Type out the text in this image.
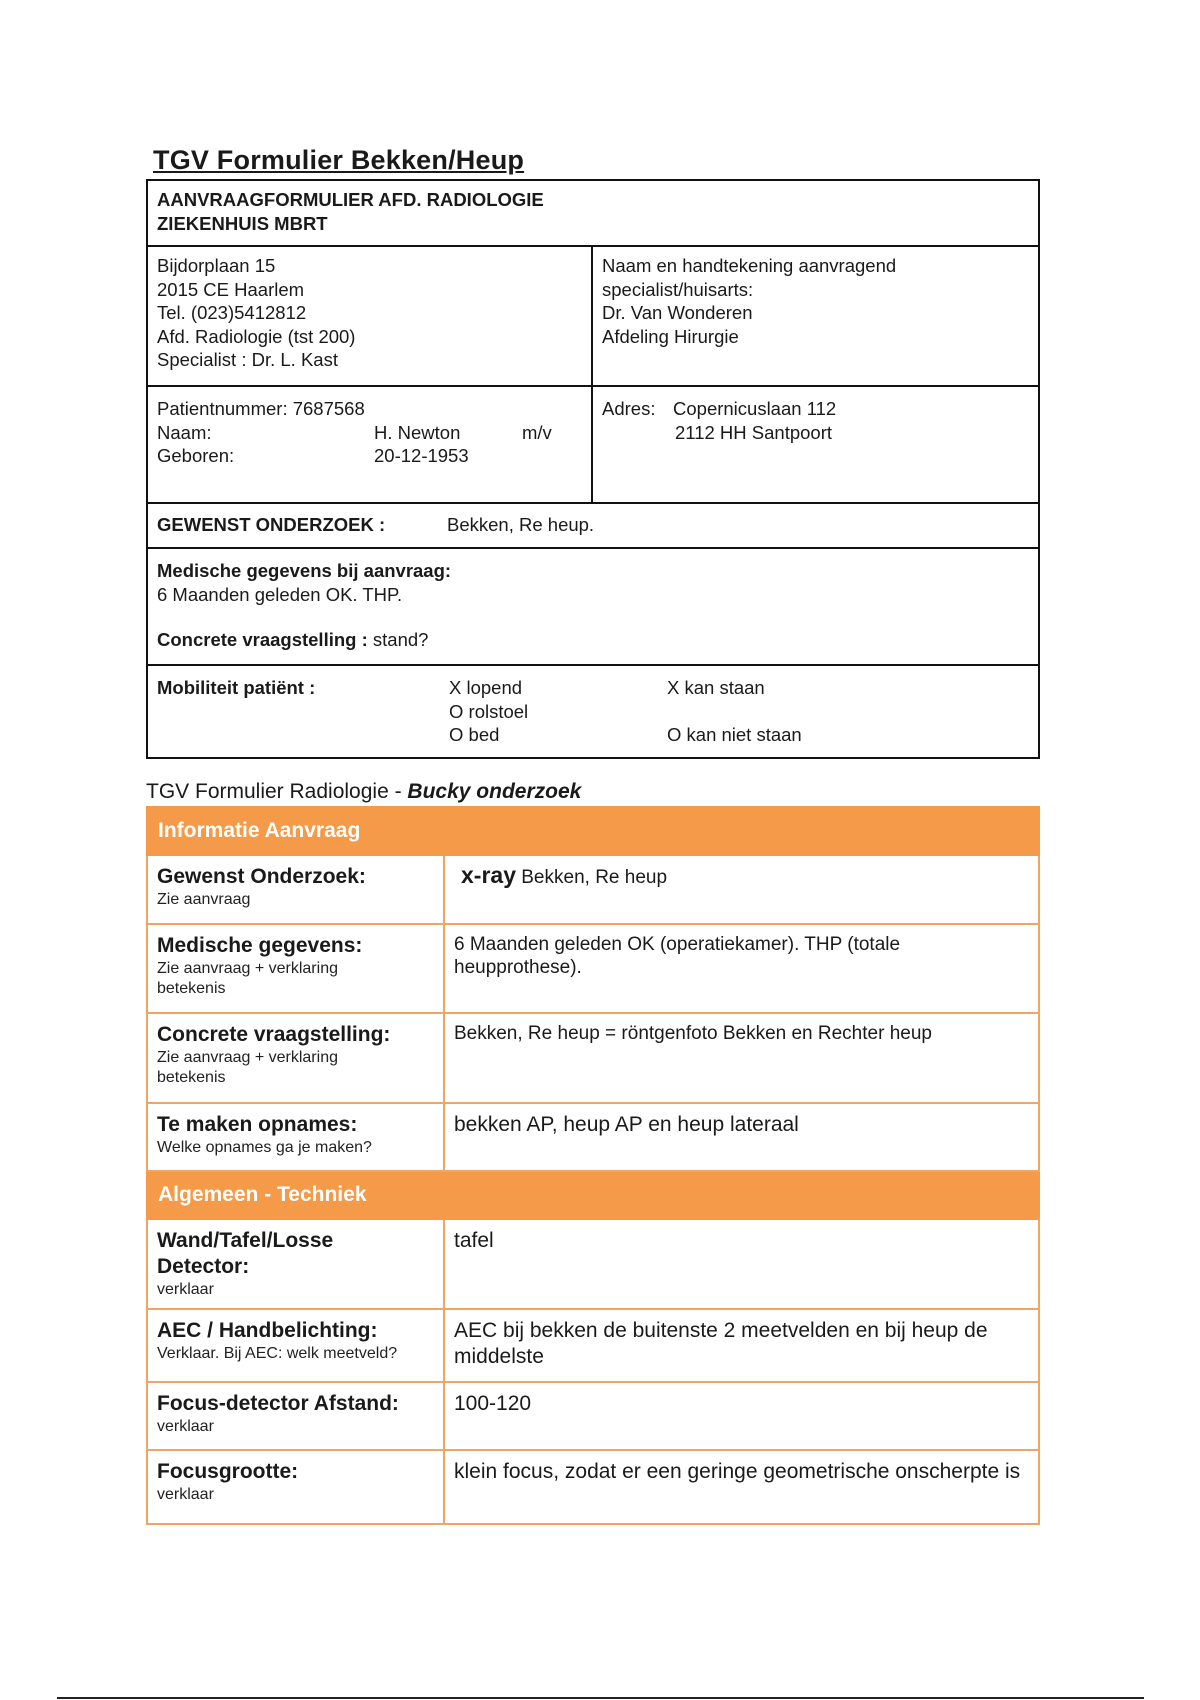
TGV Formulier Bekken/Heup
AANVRAAGFORMULIER AFD. RADIOLOGIE
ZIEKENHUIS MBRT
Bijdorplaan 15
2015 CE Haarlem
Tel. (023)5412812
Afd. Radiologie (tst 200)
Specialist : Dr. L. Kast
Naam en handtekening aanvragend
specialist/huisarts:
Dr. Van Wonderen
Afdeling Hirurgie
Patientnummer: 7687568
Naam:	H. Newton	m/v
Geboren:	20-12-1953
Adres: Copernicuslaan 112
2112 HH Santpoort
GEWENST ONDERZOEK :	Bekken, Re heup.
Medische gegevens bij aanvraag:
6 Maanden geleden OK. THP.
Concrete vraagstelling : stand?
Mobiliteit patiënt :	X lopend	X kan staan
O rolstoel
O bed	O kan niet staan
TGV Formulier Radiologie - Bucky onderzoek
Informatie Aanvraag	

Gewenst Onderzoek:
Zie aanvraag	x-ray Bekken, Re heup

Medische gegevens:
Zie aanvraag + verklaring betekenis	6 Maanden geleden OK (operatiekamer). THP (totale heupprothese).

Concrete vraagstelling:
Zie aanvraag + verklaring betekenis	Bekken, Re heup = röntgenfoto Bekken en Rechter heup

Te maken opnames:
Welke opnames ga je maken?	bekken AP, heup AP en heup lateraal

Algemeen - Techniek	

Wand/Tafel/Losse Detector:
verklaar	tafel

AEC / Handbelichting:
Verklaar. Bij AEC: welk meetveld?	AEC bij bekken de buitenste 2 meetvelden en bij heup de middelste

Focus-detector Afstand:
verklaar	100-120

Focusgrootte:
verklaar	klein focus, zodat er een geringe geometrische onscherpte is
